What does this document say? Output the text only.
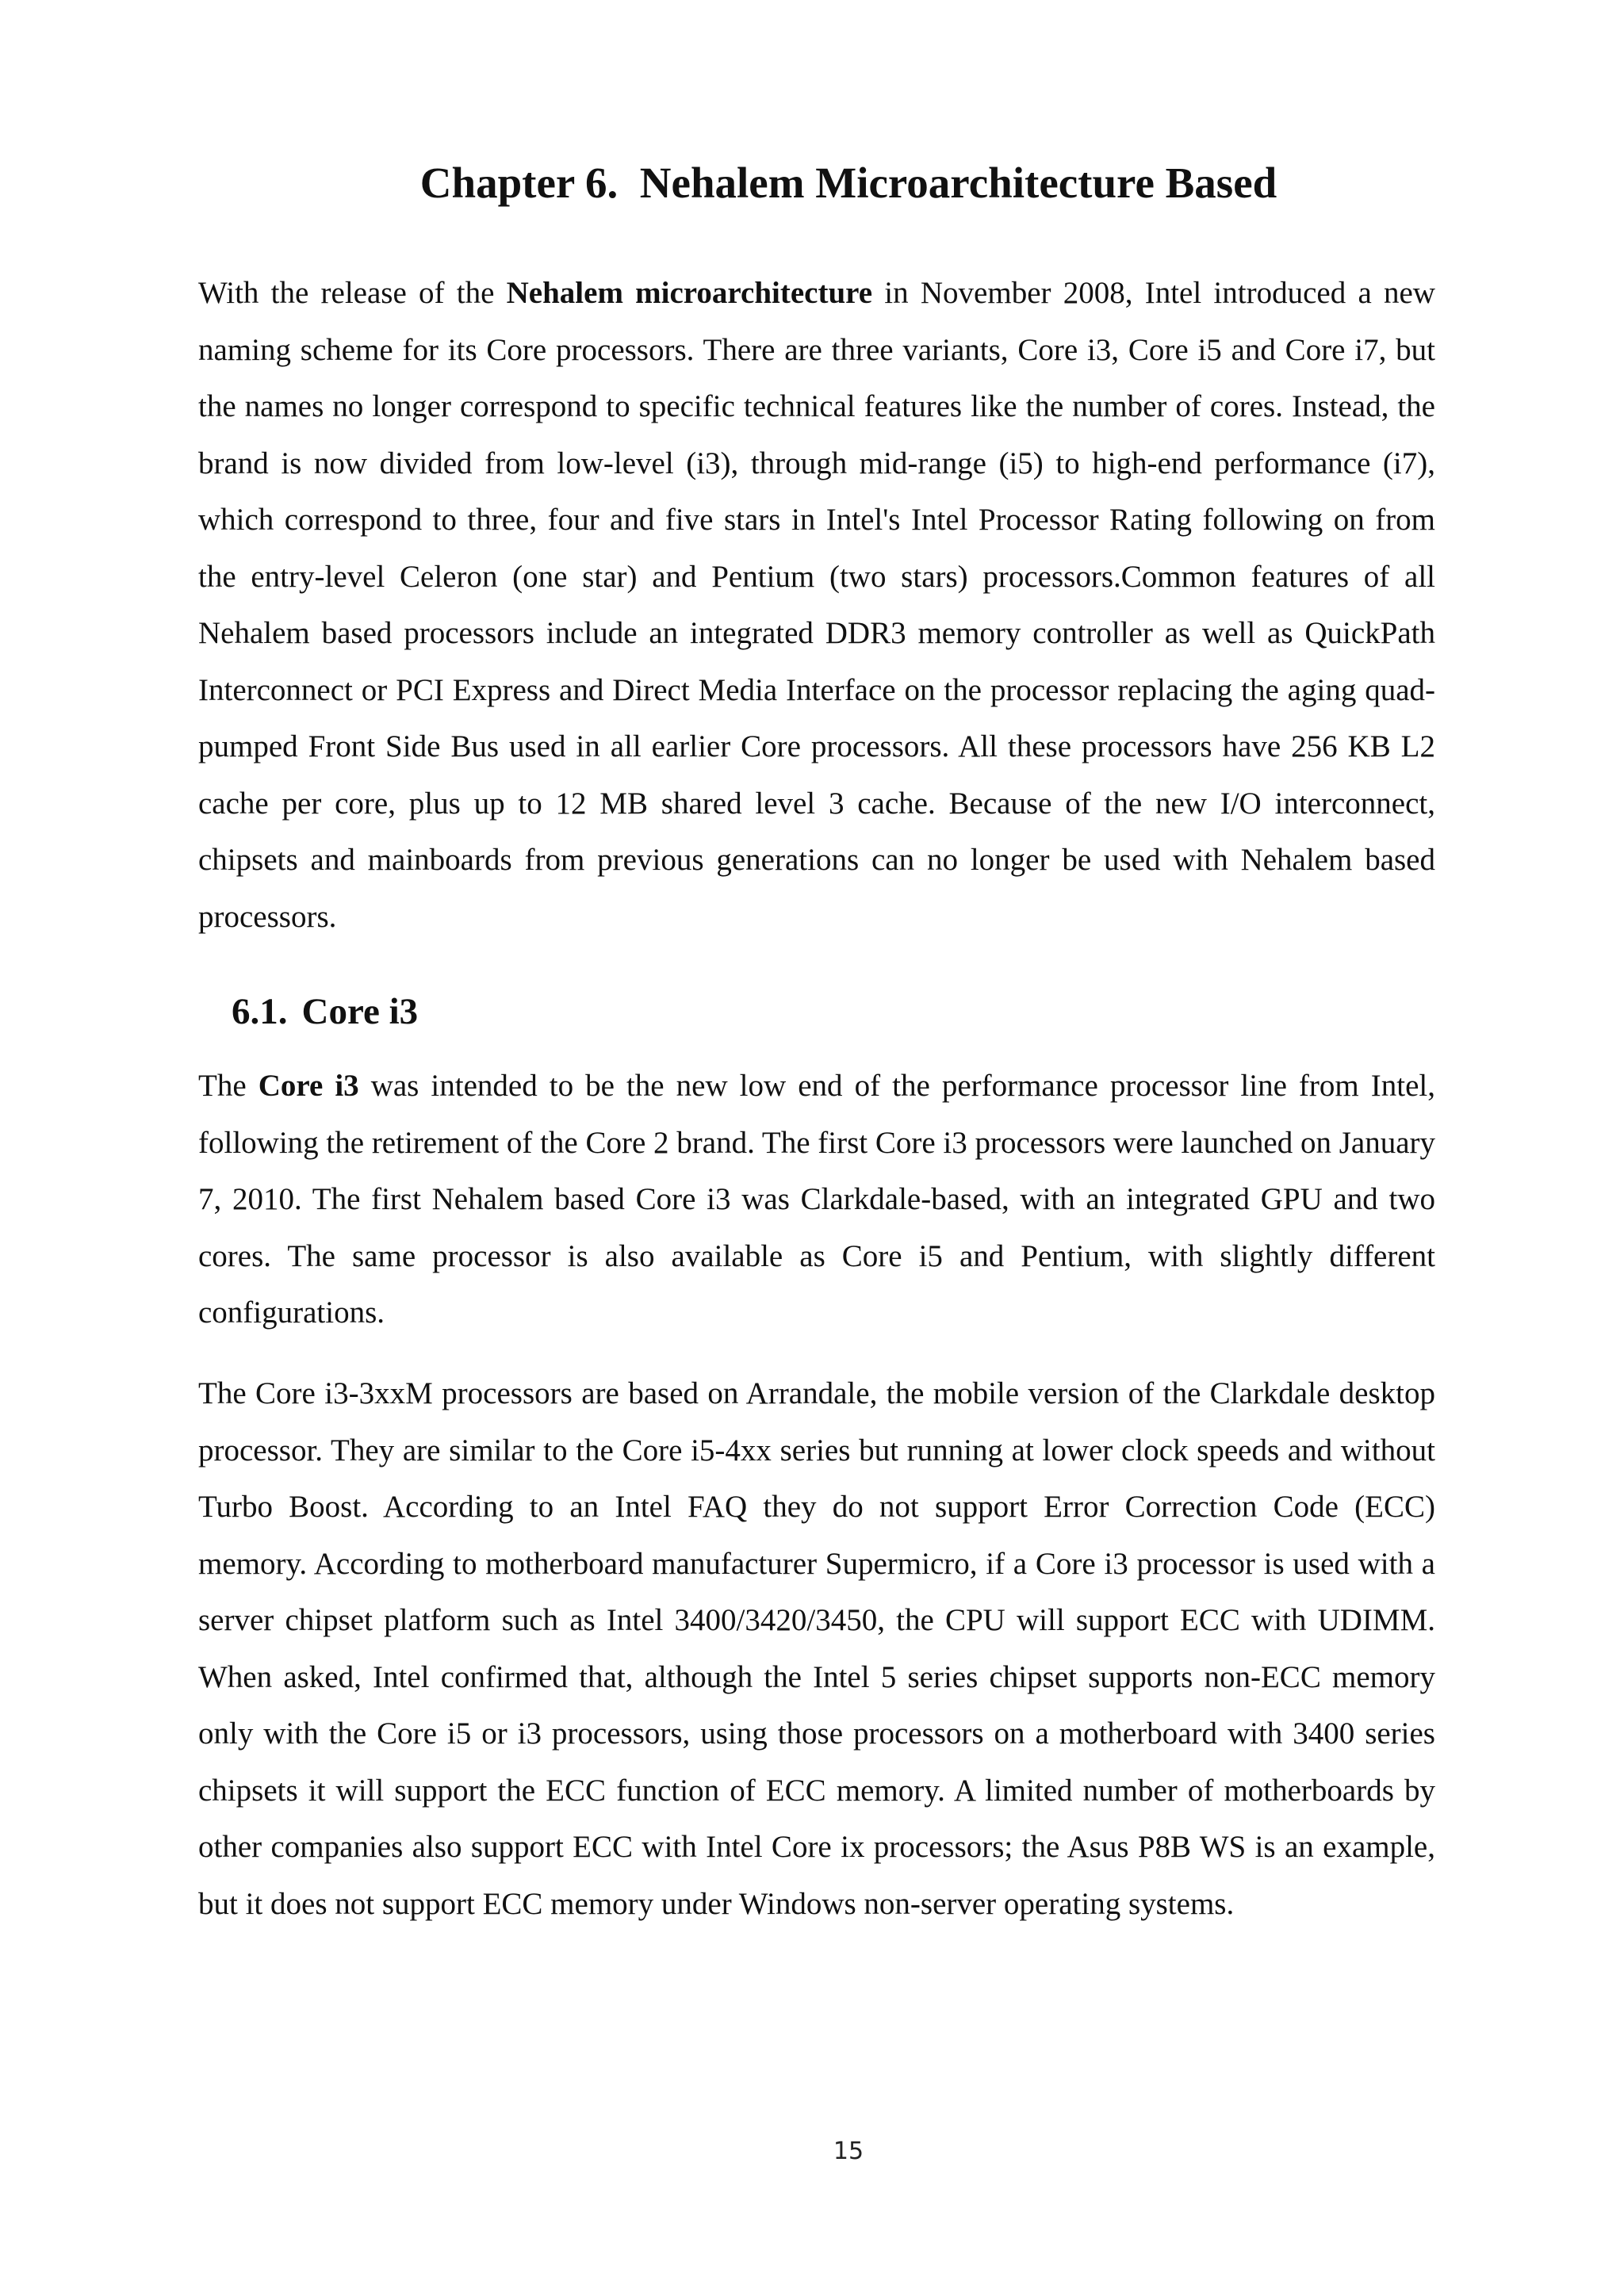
Chapter 6.  Nehalem Microarchitecture Based

With the release of the Nehalem microarchitecture in November 2008, Intel introduced a new naming scheme for its Core processors. There are three variants, Core i3, Core i5 and Core i7, but the names no longer correspond to specific technical features like the number of cores. Instead, the brand is now divided from low-level (i3), through mid-range (i5) to high-end performance (i7), which correspond to three, four and five stars in Intel's Intel Processor Rating following on from the entry-level Celeron (one star) and Pentium (two stars) processors.Common features of all Nehalem based processors include an integrated DDR3 memory controller as well as QuickPath Interconnect or PCI Express and Direct Media Interface on the processor replacing the aging quad-pumped Front Side Bus used in all earlier Core processors. All these processors have 256 KB L2 cache per core, plus up to 12 MB shared level 3 cache. Because of the new I/O interconnect, chipsets and mainboards from previous generations can no longer be used with Nehalem based processors.

6.1. Core i3

The Core i3 was intended to be the new low end of the performance processor line from Intel, following the retirement of the Core 2 brand. The first Core i3 processors were launched on January 7, 2010. The first Nehalem based Core i3 was Clarkdale-based, with an integrated GPU and two cores. The same processor is also available as Core i5 and Pentium, with slightly different configurations.

The Core i3-3xxM processors are based on Arrandale, the mobile version of the Clarkdale desktop processor. They are similar to the Core i5-4xx series but running at lower clock speeds and without Turbo Boost. According to an Intel FAQ they do not support Error Correction Code (ECC) memory. According to motherboard manufacturer Supermicro, if a Core i3 processor is used with a server chipset platform such as Intel 3400/3420/3450, the CPU will support ECC with UDIMM. When asked, Intel confirmed that, although the Intel 5 series chipset supports non-ECC memory only with the Core i5 or i3 processors, using those processors on a motherboard with 3400 series chipsets it will support the ECC function of ECC memory. A limited number of motherboards by other companies also support ECC with Intel Core ix processors; the Asus P8B WS is an example, but it does not support ECC memory under Windows non-server operating systems.

15
